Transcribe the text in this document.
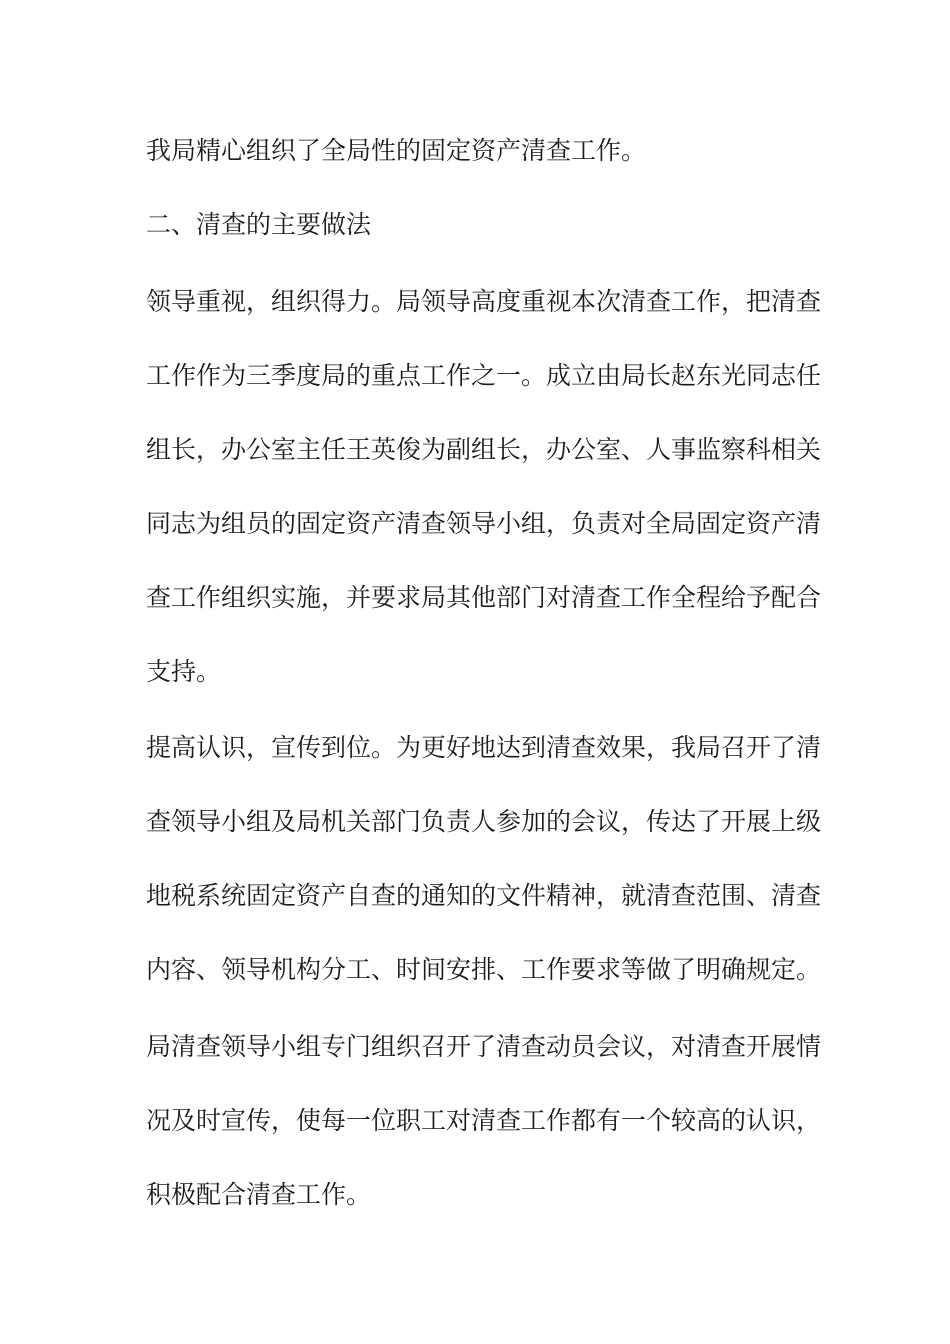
我局精心组织了全局性的固定资产清查工作。
二、清查的主要做法
领导重视，组织得力。局领导高度重视本次清查工作，把清查
工作作为三季度局的重点工作之一。成立由局长赵东光同志任
组长，办公室主任王英俊为副组长，办公室、人事监察科相关
同志为组员的固定资产清查领导小组，负责对全局固定资产清
查工作组织实施，并要求局其他部门对清查工作全程给予配合
支持。
提高认识，宣传到位。为更好地达到清查效果，我局召开了清
查领导小组及局机关部门负责人参加的会议，传达了开展上级
地税系统固定资产自查的通知的文件精神，就清查范围、清查
内容、领导机构分工、时间安排、工作要求等做了明确规定。
局清查领导小组专门组织召开了清查动员会议，对清查开展情
况及时宣传，使每一位职工对清查工作都有一个较高的认识，
积极配合清查工作。
